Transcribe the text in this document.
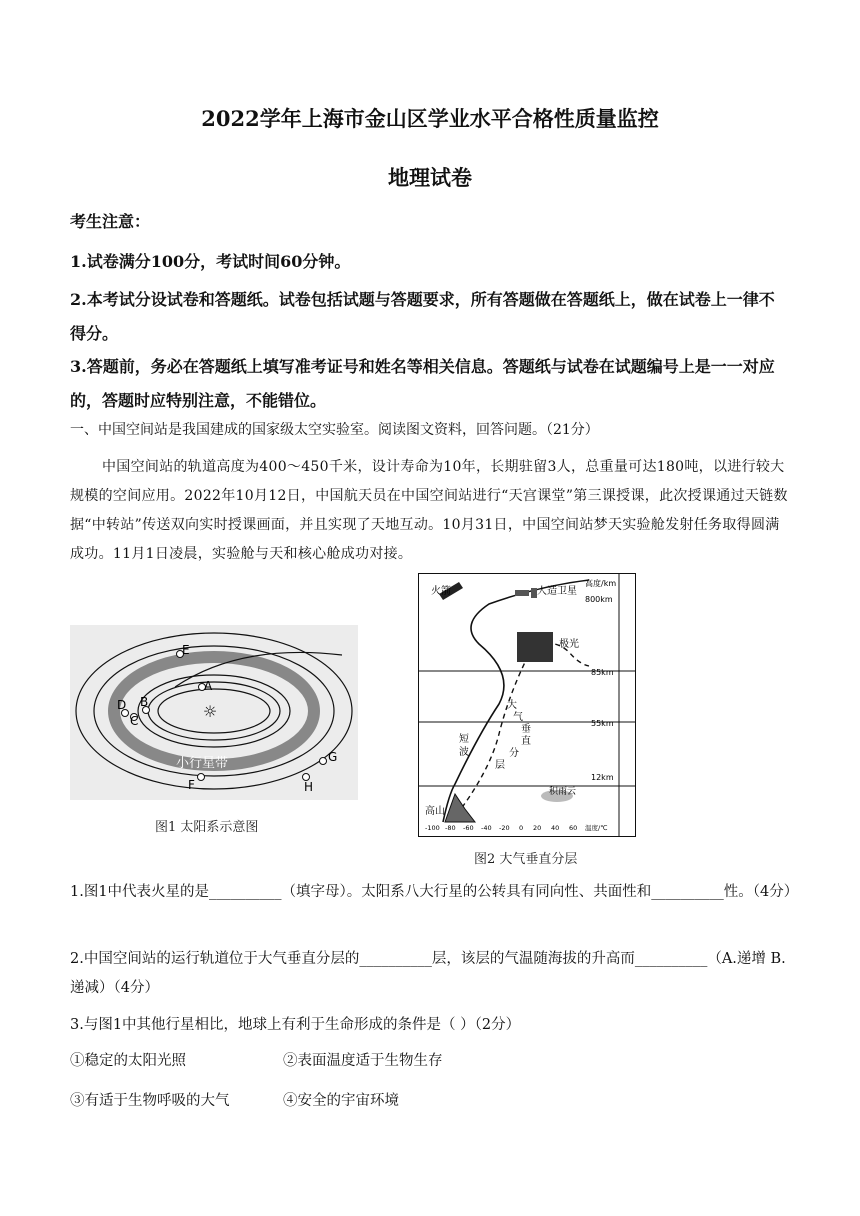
2022学年上海市金山区学业水平合格性质量监控
地理试卷
考生注意：
1.试卷满分100分，考试时间60分钟。
2.本考试分设试卷和答题纸。试卷包括试题与答题要求，所有答题做在答题纸上，做在试卷上一律不得分。
3.答题前，务必在答题纸上填写准考证号和姓名等相关信息。答题纸与试卷在试题编号上是一一对应的，答题时应特别注意，不能错位。
一、中国空间站是我国建成的国家级太空实验室。阅读图文资料，回答问题。（21分）
中国空间站的轨道高度为400～450千米，设计寿命为10年，长期驻留3人，总重量可达180吨，以进行较大规模的空间应用。2022年10月12日，中国航天员在中国空间站进行“天宫课堂”第三课授课，此次授课通过天链数据“中转站”传送双向实时授课画面，并且实现了天地互动。10月31日，中国空间站梦天实验舱发射任务取得圆满成功。11月1日凌晨，实验舱与天和核心舱成功对接。
E
A
B
C
D
F
G
H
☼
小行星带
图1 太阳系示意图
火箭	人造卫星
极光
高山
积雨云
短
波
大
气
垂
直
分
层
高度/km
800km
85km
55km
12km
-100 -80 -60 -40 -20 0 20 40 60 温度/℃
图2 大气垂直分层
1.图1中代表火星的是__________（填字母）。太阳系八大行星的公转具有同向性、共面性和__________性。（4分）
2.中国空间站的运行轨道位于大气垂直分层的__________层，该层的气温随海拔的升高而__________（A.递增 B.递减）（4分）
3.与图1中其他行星相比，地球上有利于生命形成的条件是（ ）（2分）
①稳定的太阳光照	②表面温度适于生物生存
③有适于生物呼吸的大气	④安全的宇宙环境
